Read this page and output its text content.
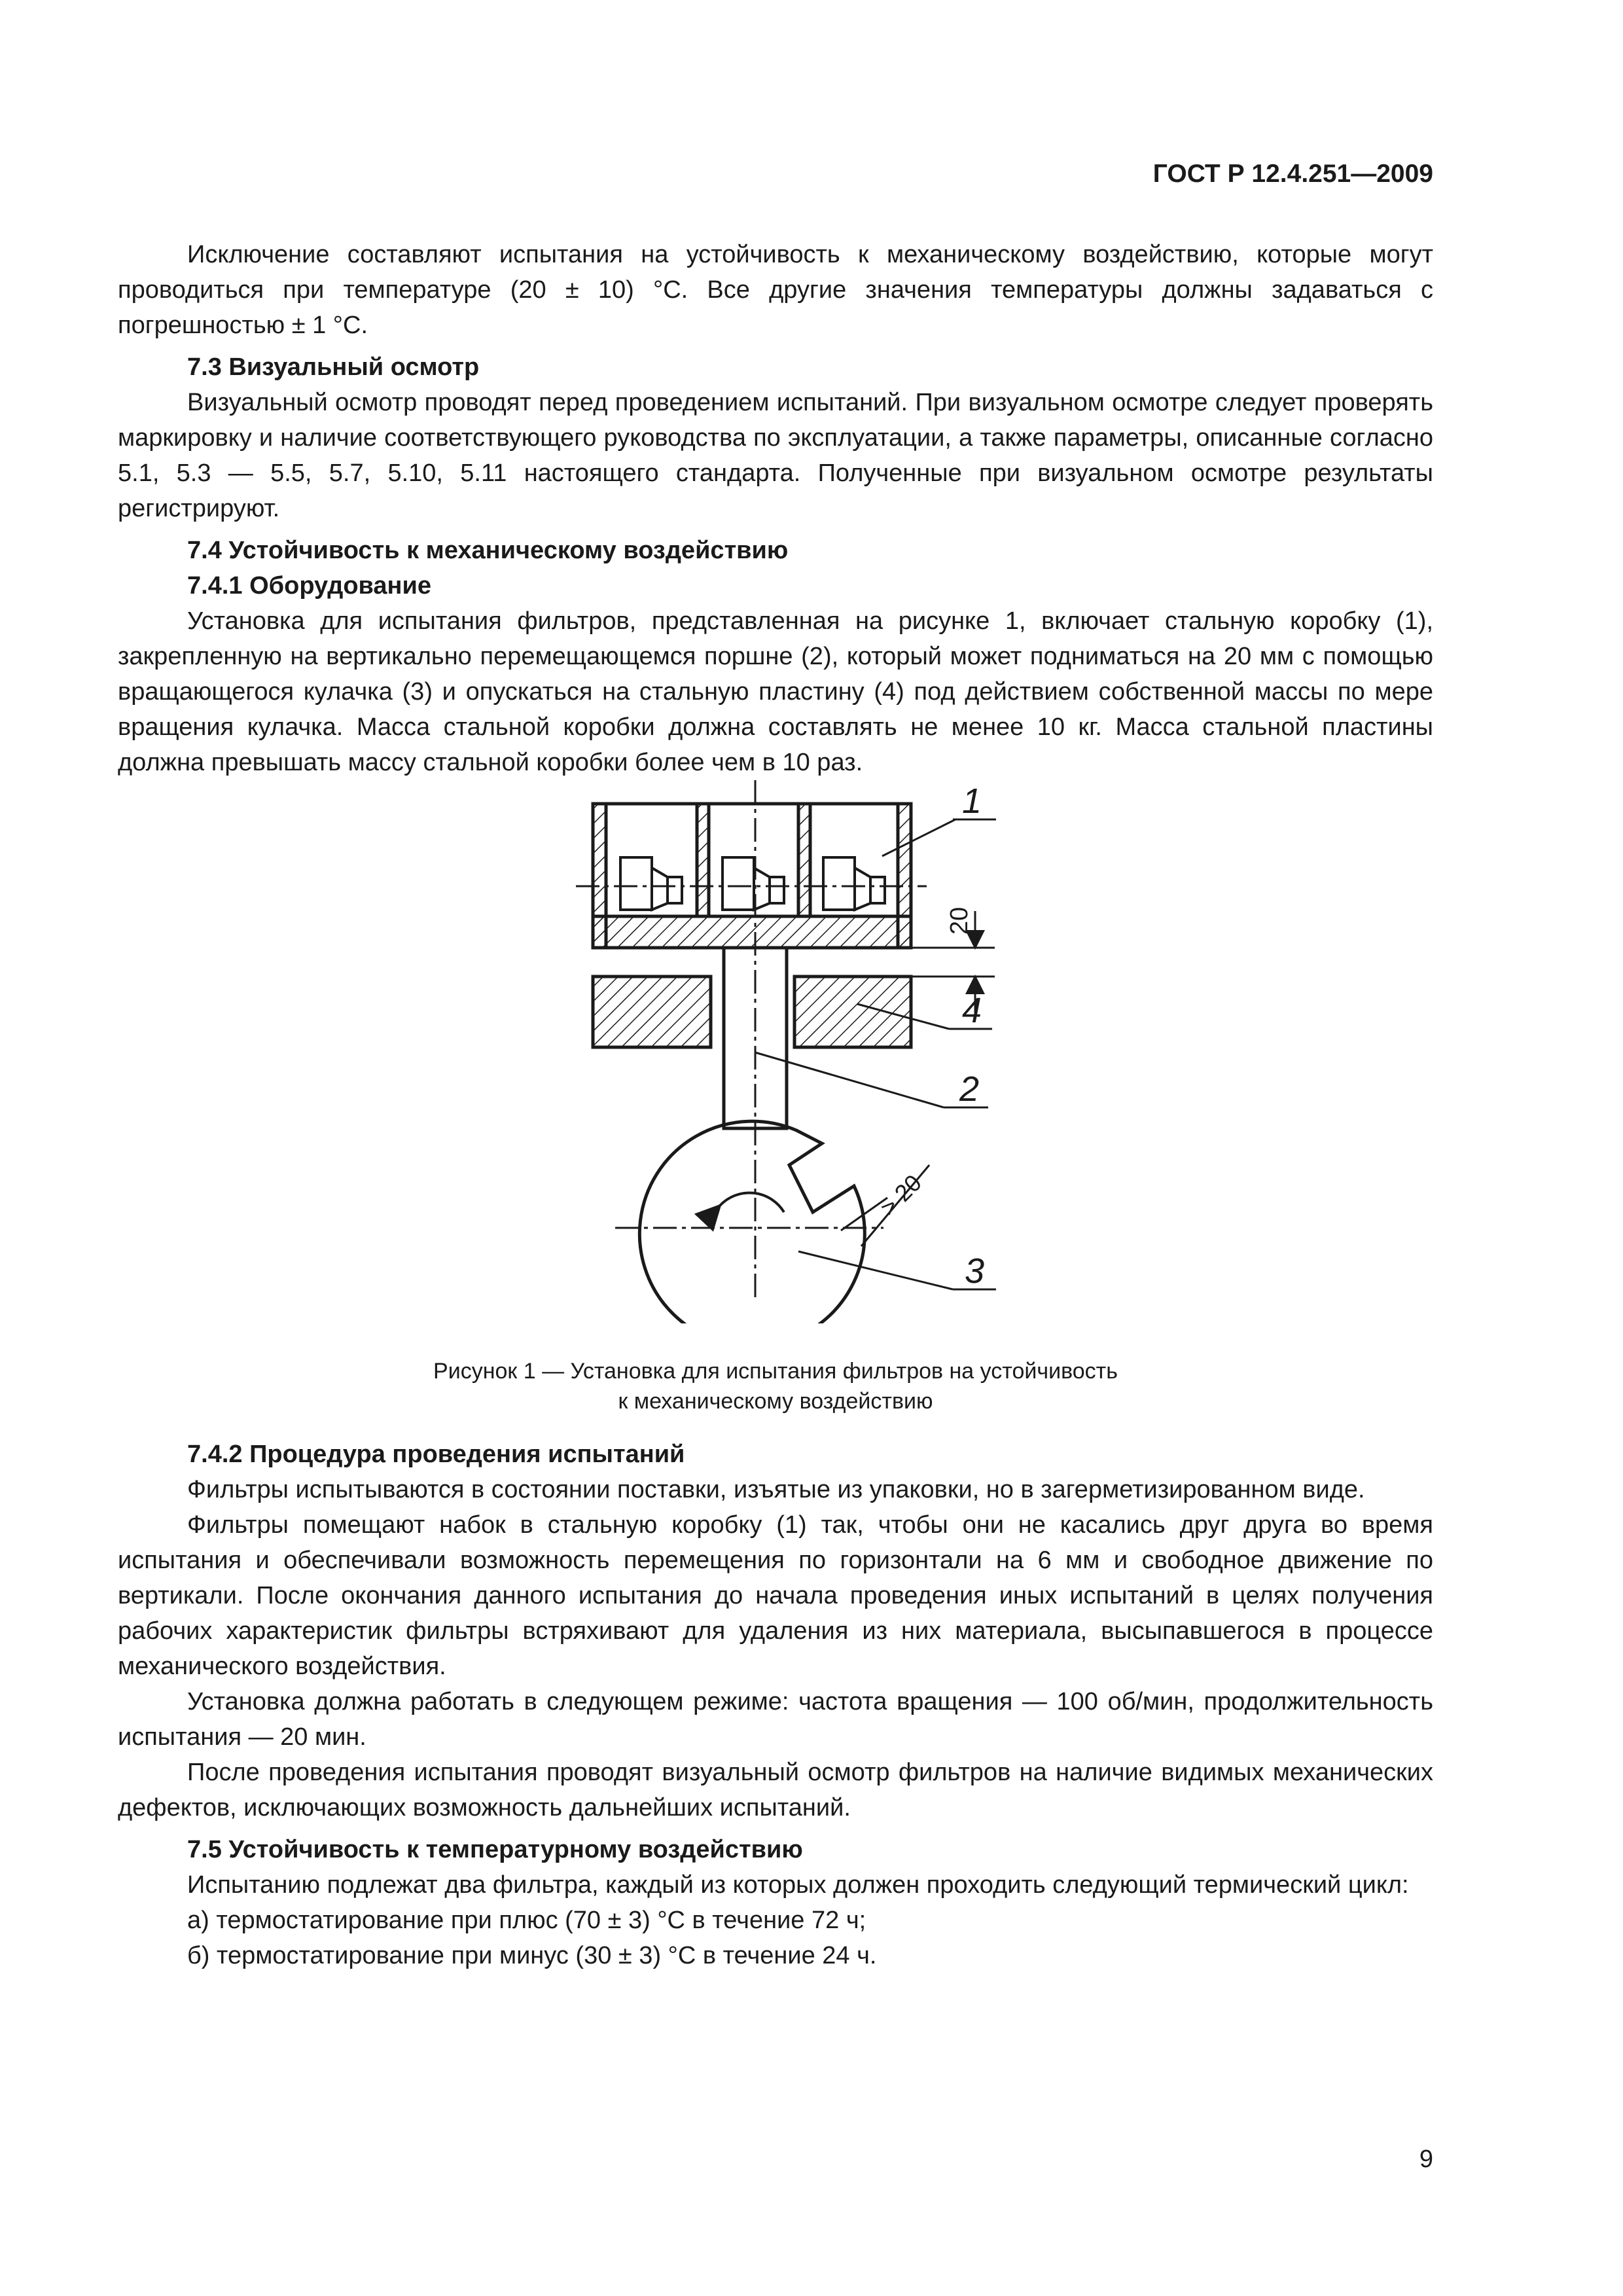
ГОСТ Р 12.4.251—2009

Исключение составляют испытания на устойчивость к механическому воздействию, которые могут проводиться при температуре (20 ± 10) °С. Все другие значения температуры должны задаваться с погрешностью ± 1 °С.

7.3 Визуальный осмотр

Визуальный осмотр проводят перед проведением испытаний. При визуальном осмотре следует проверять маркировку и наличие соответствующего руководства по эксплуатации, а также параметры, описанные согласно 5.1, 5.3 — 5.5, 5.7, 5.10, 5.11 настоящего стандарта. Полученные при визуальном осмотре результаты регистрируют.

7.4 Устойчивость к механическому воздействию

7.4.1 Оборудование

Установка для испытания фильтров, представленная на рисунке 1, включает стальную коробку (1), закрепленную на вертикально перемещающемся поршне (2), который может подниматься на 20 мм с помощью вращающегося кулачка (3) и опускаться на стальную пластину (4) под действием собственной массы по мере вращения кулачка. Масса стальной коробки должна составлять не менее 10 кг. Масса стальной пластины должна превышать массу стальной коробки более чем в 10 раз.

20
> 20
1
4
2
3
Рисунок 1 — Установка для испытания фильтров на устойчивость
к механическому воздействию

7.4.2 Процедура проведения испытаний

Фильтры испытываются в состоянии поставки, изъятые из упаковки, но в загерметизированном виде.

Фильтры помещают набок в стальную коробку (1) так, чтобы они не касались друг друга во время испытания и обеспечивали возможность перемещения по горизонтали на 6 мм и свободное движение по вертикали. После окончания данного испытания до начала проведения иных испытаний в целях получения рабочих характеристик фильтры встряхивают для удаления из них материала, высыпавшегося в процессе механического воздействия.

Установка должна работать в следующем режиме: частота вращения — 100 об/мин, продолжительность испытания — 20 мин.

После проведения испытания проводят визуальный осмотр фильтров на наличие видимых механических дефектов, исключающих возможность дальнейших испытаний.

7.5 Устойчивость к температурному воздействию

Испытанию подлежат два фильтра, каждый из которых должен проходить следующий термический цикл:

а) термостатирование при плюс (70 ± 3) °С в течение 72 ч;

б) термостатирование при минус (30 ± 3) °С в течение 24 ч.

9
